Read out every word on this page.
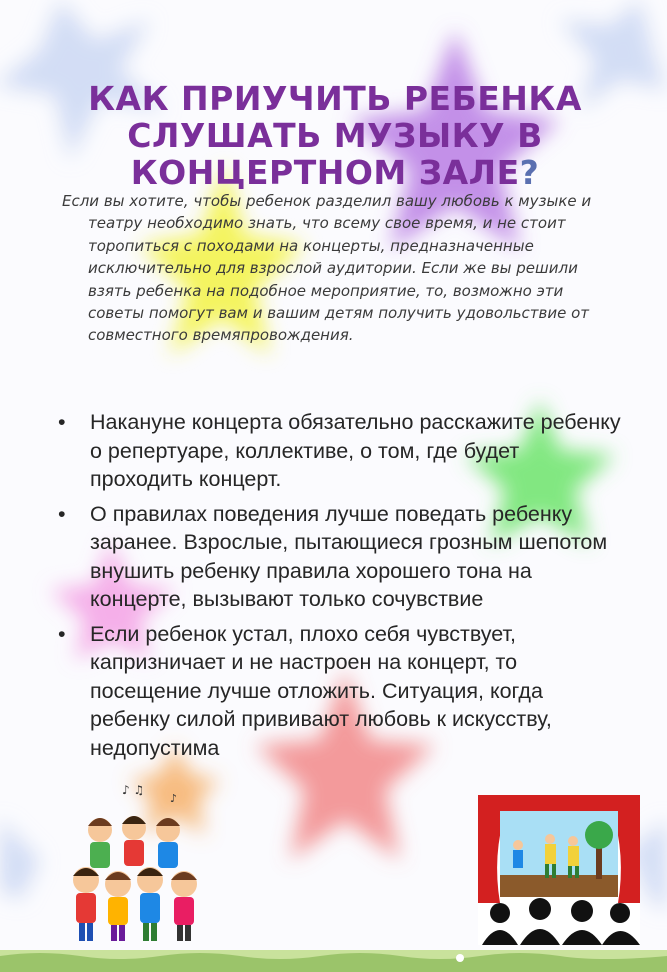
КАК ПРИУЧИТЬ РЕБЕНКА СЛУШАТЬ МУЗЫКУ В КОНЦЕРТНОМ ЗАЛЕ?

Если вы хотите, чтобы ребенок разделил вашу любовь к музыке и театру необходимо знать, что всему свое время, и не стоит торопиться с походами на концерты, предназначенные исключительно для взрослой аудитории. Если же вы решили взять ребенка на подобное мероприятие, то, возможно эти советы помогут вам и вашим детям получить удовольствие от совместного времяпровождения.

• Накануне концерта обязательно расскажите ребенку о репертуаре, коллективе, о том, где будет проходить концерт.
• О правилах поведения лучше поведать ребенку заранее. Взрослые, пытающиеся грозным шепотом внушить ребенку правила хорошего тона на концерте, вызывают только сочувствие
• Если ребенок устал, плохо себя чувствует, капризничает и не настроен на концерт, то посещение лучше отложить. Ситуация, когда ребенку силой прививают любовь к искусству, недопустима
♪ ♫
♪
